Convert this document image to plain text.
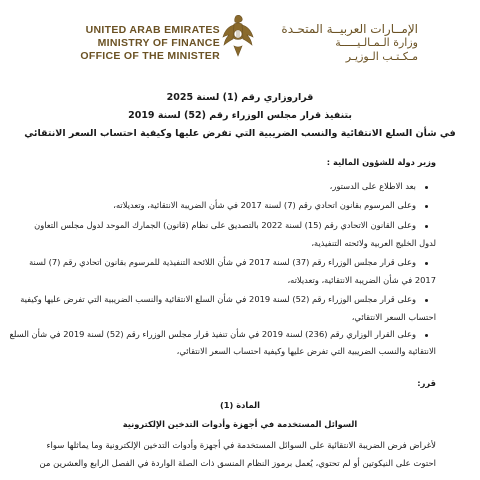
UNITED ARAB EMIRATES
MINISTRY OF FINANCE
OFFICE OF THE MINISTER
الإمــارات العربيــة المتحـدة
وزارة الـمـالـيـــــة
مـكـتـب الـوزيـر
قراروزاري رقم (1) لسنة 2025
بتنفيذ قرار مجلس الوزراء رقم (52) لسنة 2019
في شأن السلع الانتقائية والنسب الضريبية التي تفرض عليها وكيفية احتساب السعر الانتقائي
وزير دولة للشؤون المالية :
بعد الاطلاع على الدستور،
وعلى المرسوم بقانون اتحادي رقم (7) لسنة 2017 في شأن الضريبة الانتقائية، وتعديلاته،
وعلى القانون الاتحادي رقم (15) لسنة 2022 بالتصديق على نظام (قانون) الجمارك الموحد لدول مجلس التعاون
لدول الخليج العربية ولائحته التنفيذية،
وعلى قرار مجلس الوزراء رقم (37) لسنة 2017 في شأن اللائحة التنفيذية للمرسوم بقانون اتحادي رقم (7) لسنة
2017 في شأن الضريبة الانتقائية، وتعديلاته،
وعلى قرار مجلس الوزراء رقم (52) لسنة 2019 في شأن السلع الانتقائية والنسب الضريبية التي تفرض عليها وكيفية
احتساب السعر الانتقائي،
وعلى القرار الوزاري رقم (236) لسنة 2019 في شأن تنفيذ قرار مجلس الوزراء رقم (52) لسنة 2019 في شأن السلع
الانتقائية والنسب الضريبية التي تفرض عليها وكيفية احتساب السعر الانتقائي،
قرر:
المادة (1)
السوائل المستخدمة في أجهزة وأدوات التدخين الإلكترونية
لأغراض فرض الضريبة الانتقائية على السوائل المستخدمة في أجهزة وأدوات التدخين الإلكترونية وما يماثلها سواء
احتوت على النيكوتين أو لم تحتوي، يُعمل برموز النظام المنسق ذات الصلة الواردة في الفصل الرابع والعشرين من
